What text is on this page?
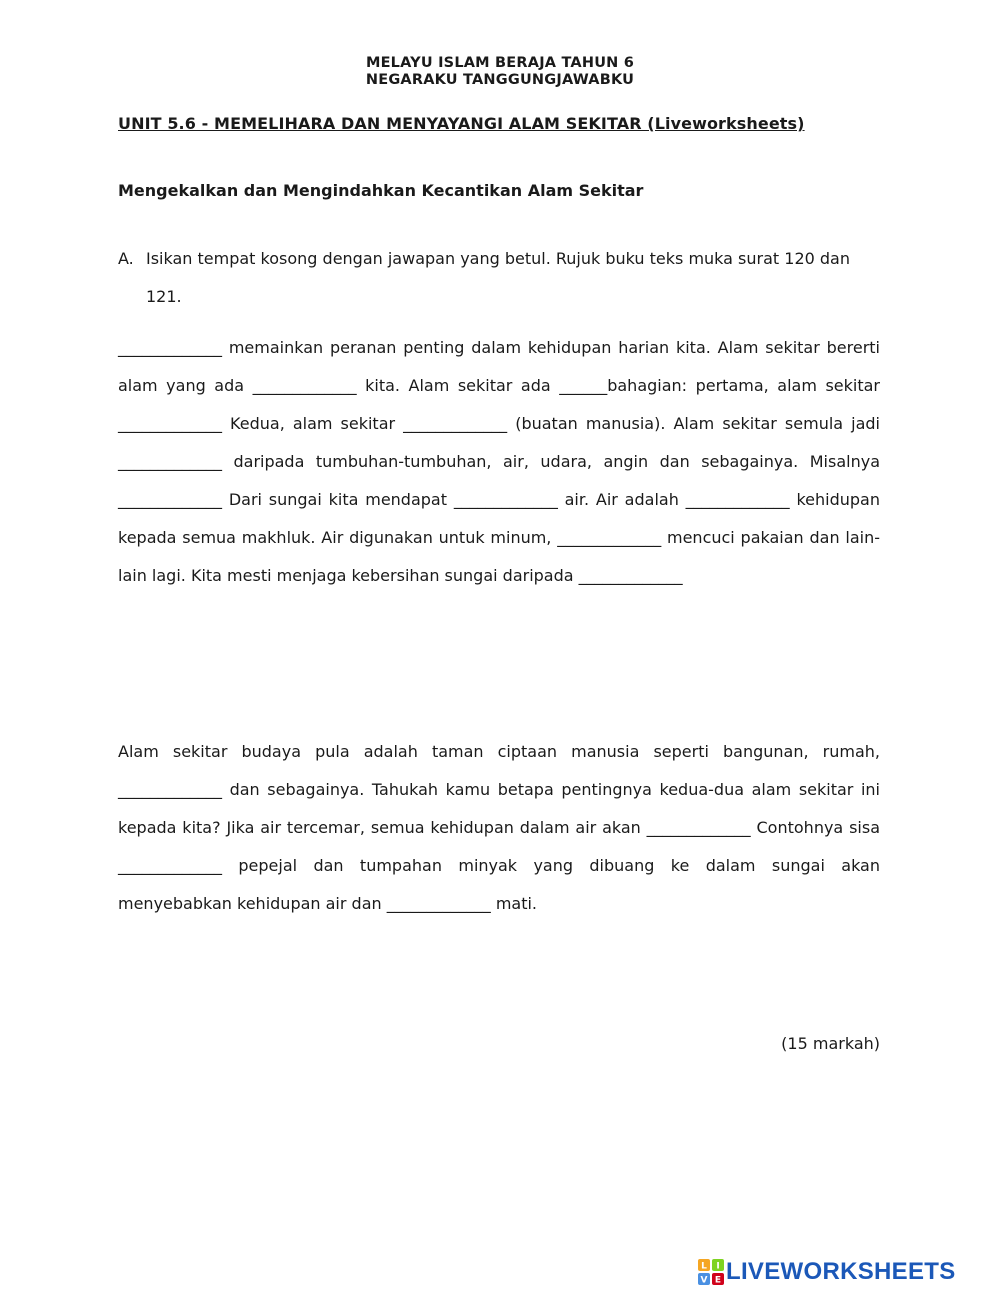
MELAYU ISLAM BERAJA TAHUN 6
NEGARAKU TANGGUNGJAWABKU
UNIT 5.6 - MEMELIHARA DAN MENYAYANGI ALAM SEKITAR (Liveworksheets)
Mengekalkan dan Mengindahkan Kecantikan Alam Sekitar
A. Isikan tempat kosong dengan jawapan yang betul. Rujuk buku teks muka surat 120 dan 121.

_____________ memainkan peranan penting dalam kehidupan harian kita. Alam sekitar bererti alam yang ada _____________ kita. Alam sekitar ada ______bahagian: pertama, alam sekitar _____________ Kedua, alam sekitar _____________ (buatan manusia). Alam sekitar semula jadi _____________ daripada tumbuhan-tumbuhan, air, udara, angin dan sebagainya. Misalnya _____________ Dari sungai kita mendapat _____________ air. Air adalah _____________ kehidupan kepada semua makhluk. Air digunakan untuk minum, _____________ mencuci pakaian dan lain-lain lagi. Kita mesti menjaga kebersihan sungai daripada _____________

Alam sekitar budaya pula adalah taman ciptaan manusia seperti bangunan, rumah, _____________ dan sebagainya. Tahukah kamu betapa pentingnya kedua-dua alam sekitar ini kepada kita? Jika air tercemar, semua kehidupan dalam air akan _____________ Contohnya sisa _____________ pepejal dan tumpahan minyak yang dibuang ke dalam sungai akan menyebabkan kehidupan air dan _____________ mati.

(15 markah)
L I
V E LIVEWORKSHEETS
